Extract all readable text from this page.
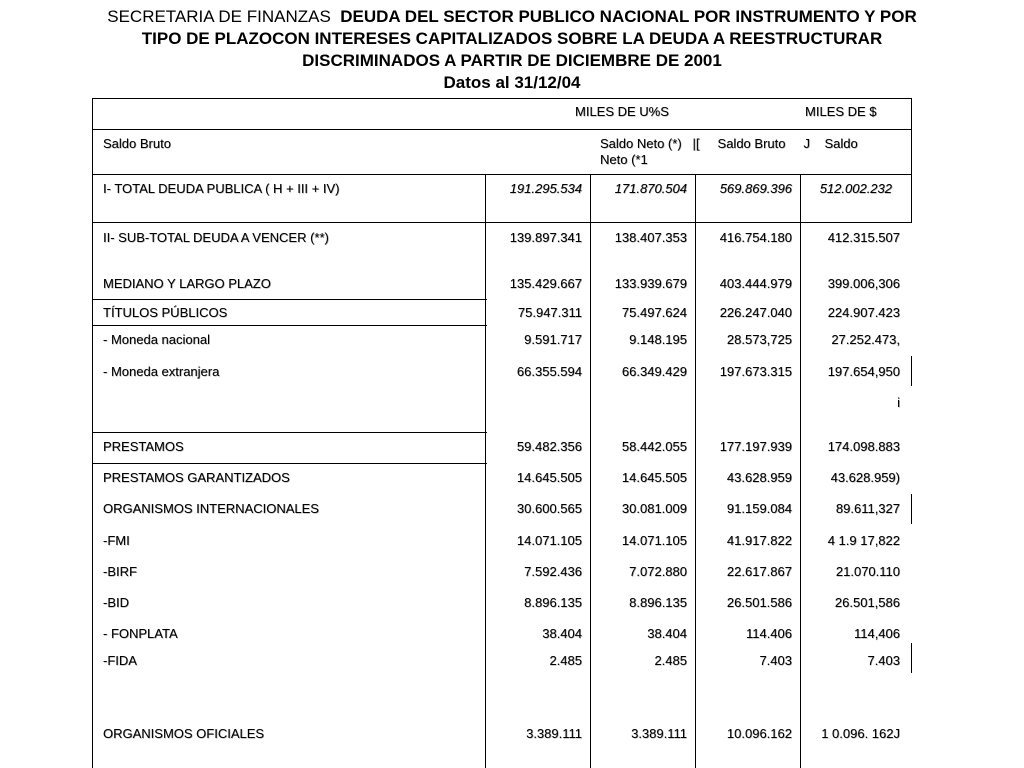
SECRETARIA DE FINANZAS DEUDA DEL SECTOR PUBLICO NACIONAL POR INSTRUMENTO Y POR
TIPO DE PLAZOCON INTERESES CAPITALIZADOS SOBRE LA DEUDA A REESTRUCTURAR
DISCRIMINADOS A PARTIR DE DICIEMBRE DE 2001
Datos al 31/12/04
MILES DE U%S	MILES DE $
Saldo Bruto	Saldo Neto (*)   |[     Saldo Bruto     J    Saldo
Neto (*1
I- TOTAL DEUDA PUBLICA ( H + III + IV)	191.295.534	171.870.504	569.869.396 512.002.232
II- SUB-TOTAL DEUDA A VENCER (**)	139.897.341	138.407.353	416.754.180	412.315.507
MEDIANO Y LARGO PLAZO	135.429.667	133.939.679	403.444.979	399.006,306
TÍTULOS PÚBLICOS	75.947.311	75.497.624	226.247.040	224.907.423
- Moneda nacional	9.591.717	9.148.195	28.573,725	27.252.473,
- Moneda extranjera	66.355.594	66.349.429	197.673.315	197.654,950
i
PRESTAMOS	59.482.356	58.442.055	177.197.939	174.098.883
PRESTAMOS GARANTIZADOS	14.645.505	14.645.505	43.628.959	43.628.959)
ORGANISMOS INTERNACIONALES	30.600.565	30.081.009	91.159.084	89.611,327
-FMI	14.071.105	14.071.105	41.917.822	4 1.9 17,822
-BIRF	7.592.436	7.072.880	22.617.867	21.070.110
-BID	8.896.135	8.896.135	26.501.586	26.501,586
- FONPLATA	38.404	38.404	114.406	114,406
-FIDA	2.485	2.485	7.403	7.403
ORGANISMOS OFICIALES	3.389.111	3.389.111	10.096.162 1 0.096. 162J
